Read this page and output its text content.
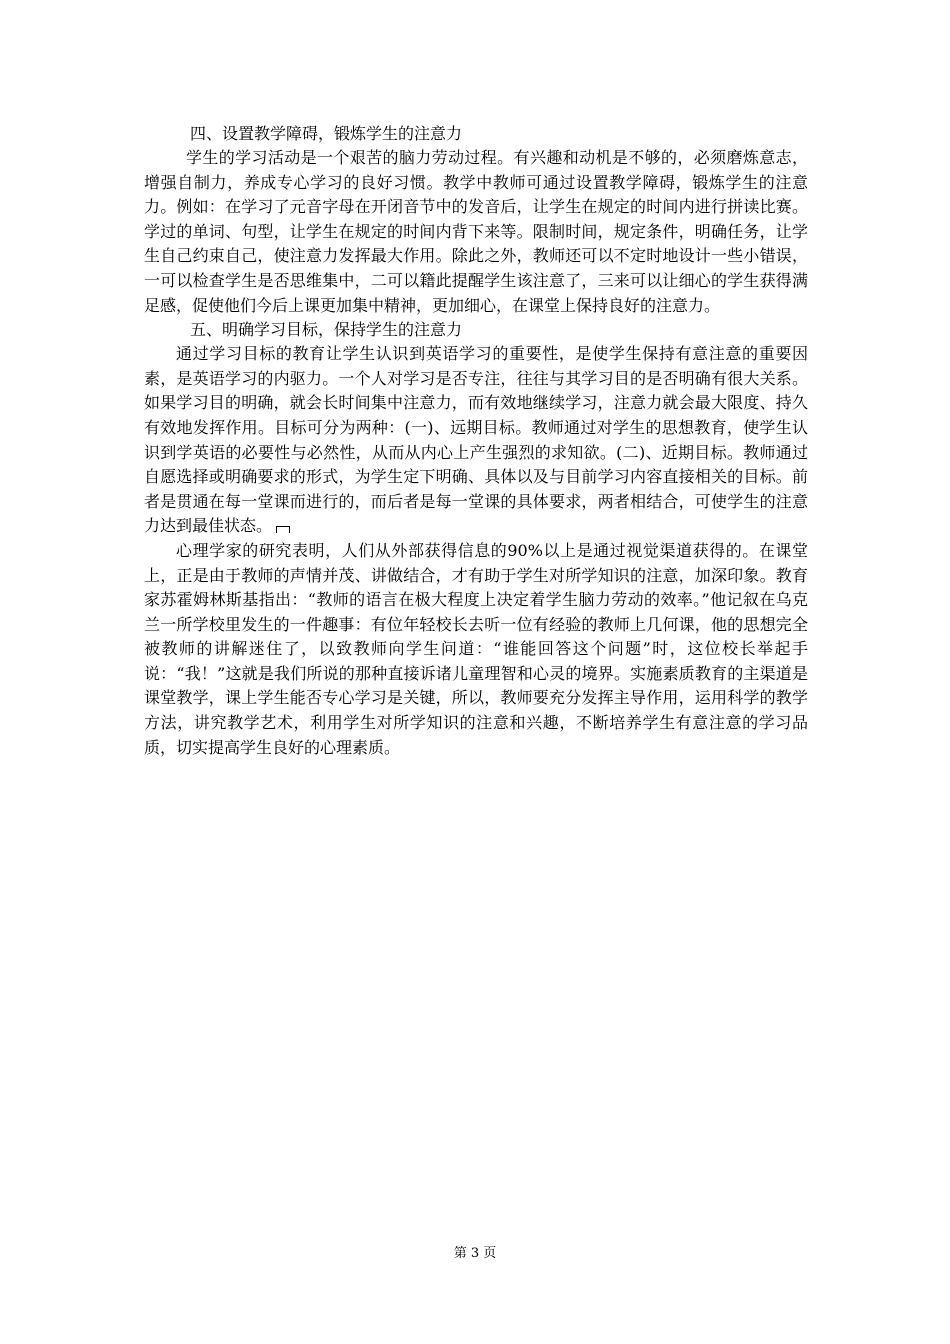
四、设置教学障碍，锻炼学生的注意力

学生的学习活动是一个艰苦的脑力劳动过程。有兴趣和动机是不够的，必须磨炼意志，增强自制力，养成专心学习的良好习惯。教学中教师可通过设置教学障碍，锻炼学生的注意力。例如：在学习了元音字母在开闭音节中的发音后，让学生在规定的时间内进行拼读比赛。学过的单词、句型，让学生在规定的时间内背下来等。限制时间，规定条件，明确任务，让学生自己约束自己，使注意力发挥最大作用。除此之外，教师还可以不定时地设计一些小错误，一可以检查学生是否思维集中，二可以籍此提醒学生该注意了，三来可以让细心的学生获得满足感，促使他们今后上课更加集中精神，更加细心，在课堂上保持良好的注意力。

五、明确学习目标，保持学生的注意力

通过学习目标的教育让学生认识到英语学习的重要性，是使学生保持有意注意的重要因素，是英语学习的内驱力。一个人对学习是否专注，往往与其学习目的是否明确有很大关系。如果学习目的明确，就会长时间集中注意力，而有效地继续学习，注意力就会最大限度、持久有效地发挥作用。目标可分为两种：(一)、远期目标。教师通过对学生的思想教育，使学生认识到学英语的必要性与必然性，从而从内心上产生强烈的求知欲。(二)、近期目标。教师通过自愿选择或明确要求的形式，为学生定下明确、具体以及与目前学习内容直接相关的目标。前者是贯通在每一堂课而进行的，而后者是每一堂课的具体要求，两者相结合，可使学生的注意力达到最佳状态。

心理学家的研究表明，人们从外部获得信息的90%以上是通过视觉渠道获得的。在课堂上，正是由于教师的声情并茂、讲做结合，才有助于学生对所学知识的注意，加深印象。教育家苏霍姆林斯基指出：“教师的语言在极大程度上决定着学生脑力劳动的效率。”他记叙在乌克兰一所学校里发生的一件趣事：有位年轻校长去听一位有经验的教师上几何课，他的思想完全被教师的讲解迷住了，以致教师向学生问道：“谁能回答这个问题”时，这位校长举起手说：“我！”这就是我们所说的那种直接诉诸儿童理智和心灵的境界。实施素质教育的主渠道是课堂教学，课上学生能否专心学习是关键，所以，教师要充分发挥主导作用，运用科学的教学方法，讲究教学艺术，利用学生对所学知识的注意和兴趣，不断培养学生有意注意的学习品质，切实提高学生良好的心理素质。

第 3 页
